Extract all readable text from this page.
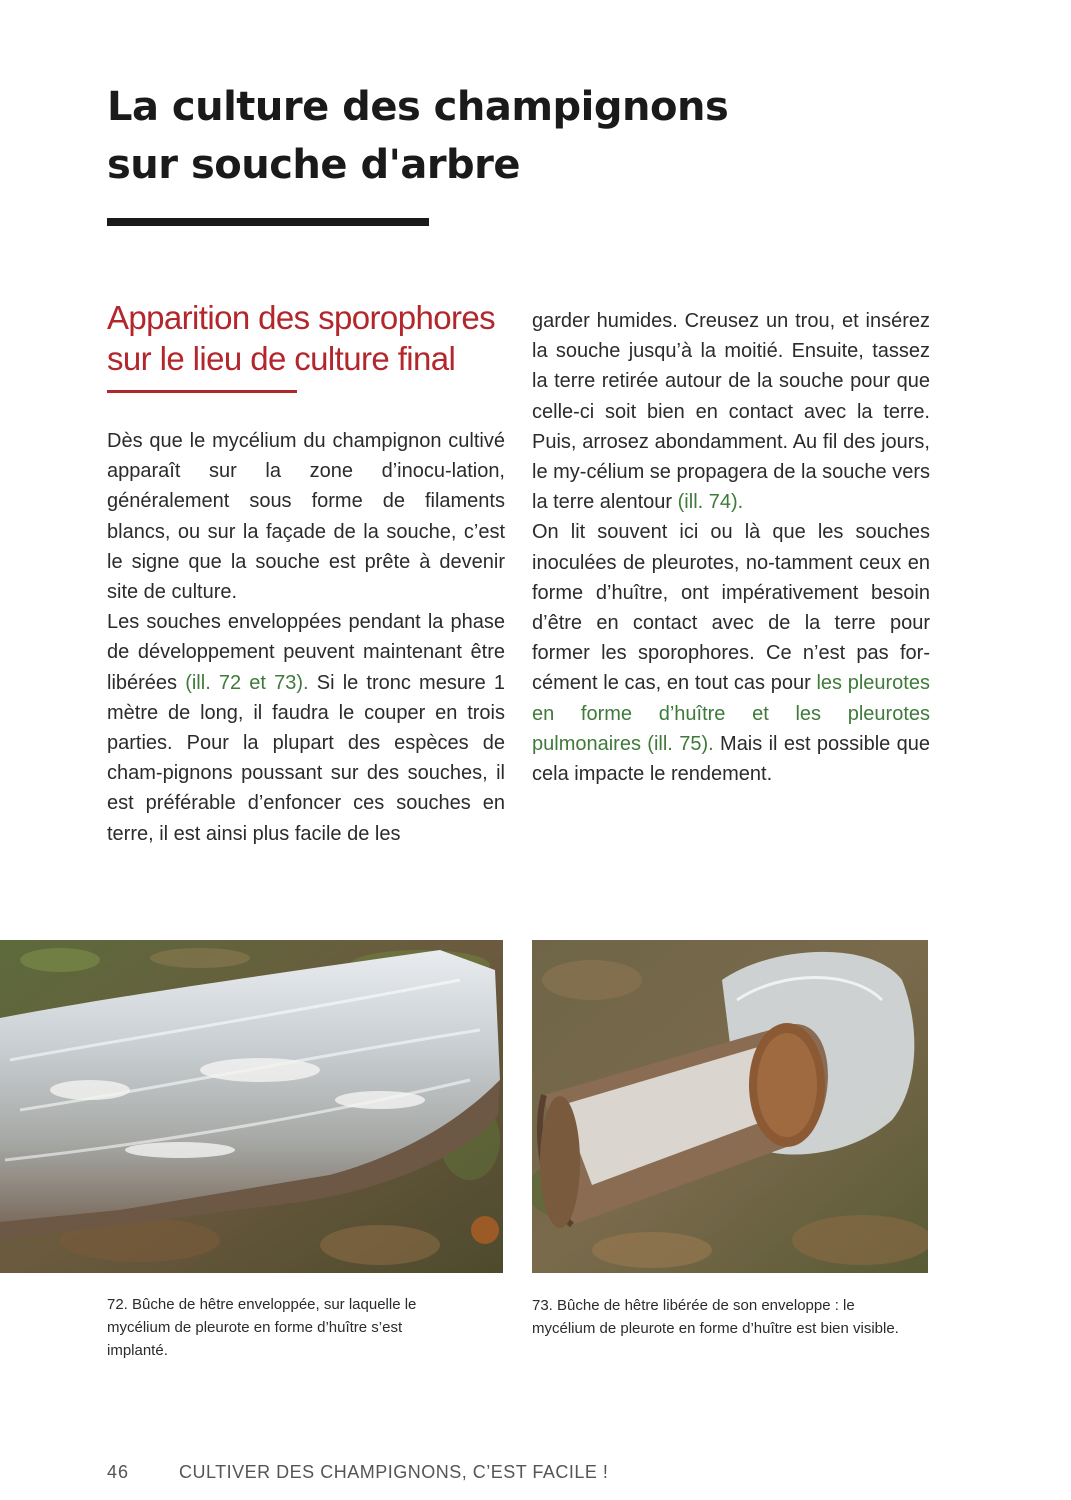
La culture des champignons
sur souche d'arbre
Apparition des sporophores
sur le lieu de culture final

Dès que le mycélium du champignon cultivé apparaît sur la zone d’inocu-lation, généralement sous forme de filaments blancs, ou sur la façade de la souche, c’est le signe que la souche est prête à devenir site de culture.

Les souches enveloppées pendant la phase de développement peuvent maintenant être libérées (ill. 72 et 73). Si le tronc mesure 1 mètre de long, il faudra le couper en trois parties. Pour la plupart des espèces de cham-pignons poussant sur des souches, il est préférable d’enfoncer ces souches en terre, il est ainsi plus facile de les

garder humides. Creusez un trou, et insérez la souche jusqu’à la moitié. Ensuite, tassez la terre retirée autour de la souche pour que celle-ci soit bien en contact avec la terre. Puis, arrosez abondamment. Au fil des jours, le my-célium se propagera de la souche vers la terre alentour (ill. 74).

On lit souvent ici ou là que les souches inoculées de pleurotes, no-tamment ceux en forme d’huître, ont impérativement besoin d’être en contact avec de la terre pour former les sporophores. Ce n’est pas for-cément le cas, en tout cas pour les pleurotes en forme d’huître et les pleurotes pulmonaires (ill. 75). Mais il est possible que cela impacte le rendement.

72. Bûche de hêtre enveloppée, sur laquelle le mycélium de pleurote en forme d’huître s’est implanté.

73. Bûche de hêtre libérée de son enveloppe : le mycélium de pleurote en forme d’huître est bien visible.

46	CULTIVER DES CHAMPIGNONS, C’EST FACILE !
